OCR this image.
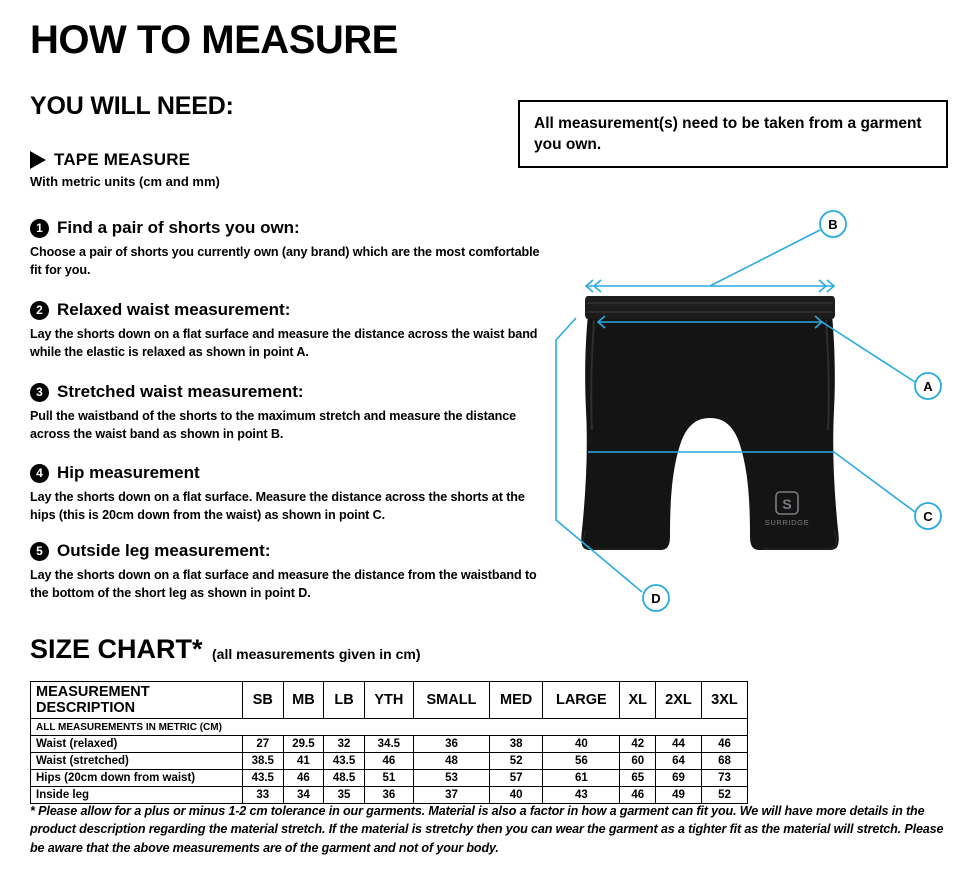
HOW TO MEASURE
YOU WILL NEED:
All measurement(s) need to be taken from a garment you own.
TAPE MEASURE
With metric units (cm and mm)
1 Find a pair of shorts you own:
Choose a pair of shorts you currently own (any brand) which are the most comfortable fit for you.
2 Relaxed waist measurement:
Lay the shorts down on a flat surface and measure the distance across the waist band while the elastic is relaxed as shown in point A.
3 Stretched waist measurement:
Pull the waistband of the shorts to the maximum stretch and measure the distance across the waist band as shown in point B.
4 Hip measurement
Lay the shorts down on a flat surface. Measure the distance across the shorts at the hips (this is 20cm down from the waist) as shown in point C.
5 Outside leg measurement:
Lay the shorts down on a flat surface and measure the distance from the waistband to the bottom of the short leg as shown in point D.
S
SURRIDGE
B
A
C
D
SIZE CHART* (all measurements given in cm)
MEASUREMENT DESCRIPTION	SB	MB	LB	YTH	SMALL	MED	LARGE	XL	2XL	3XL
ALL MEASUREMENTS IN METRIC (CM)										
Waist (relaxed)	27	29.5	32	34.5	36	38	40	42	44	46
Waist (stretched)	38.5	41	43.5	46	48	52	56	60	64	68
Hips (20cm down from waist)	43.5	46	48.5	51	53	57	61	65	69	73
Inside leg	33	34	35	36	37	40	43	46	49	52
* Please allow for a plus or minus 1-2 cm tolerance in our garments. Material is also a factor in how a garment can fit you. We will have more details in the product description regarding the material stretch. If the material is stretchy then you can wear the garment as a tighter fit as the material will stretch. Please be aware that the above measurements are of the garment and not of your body.
